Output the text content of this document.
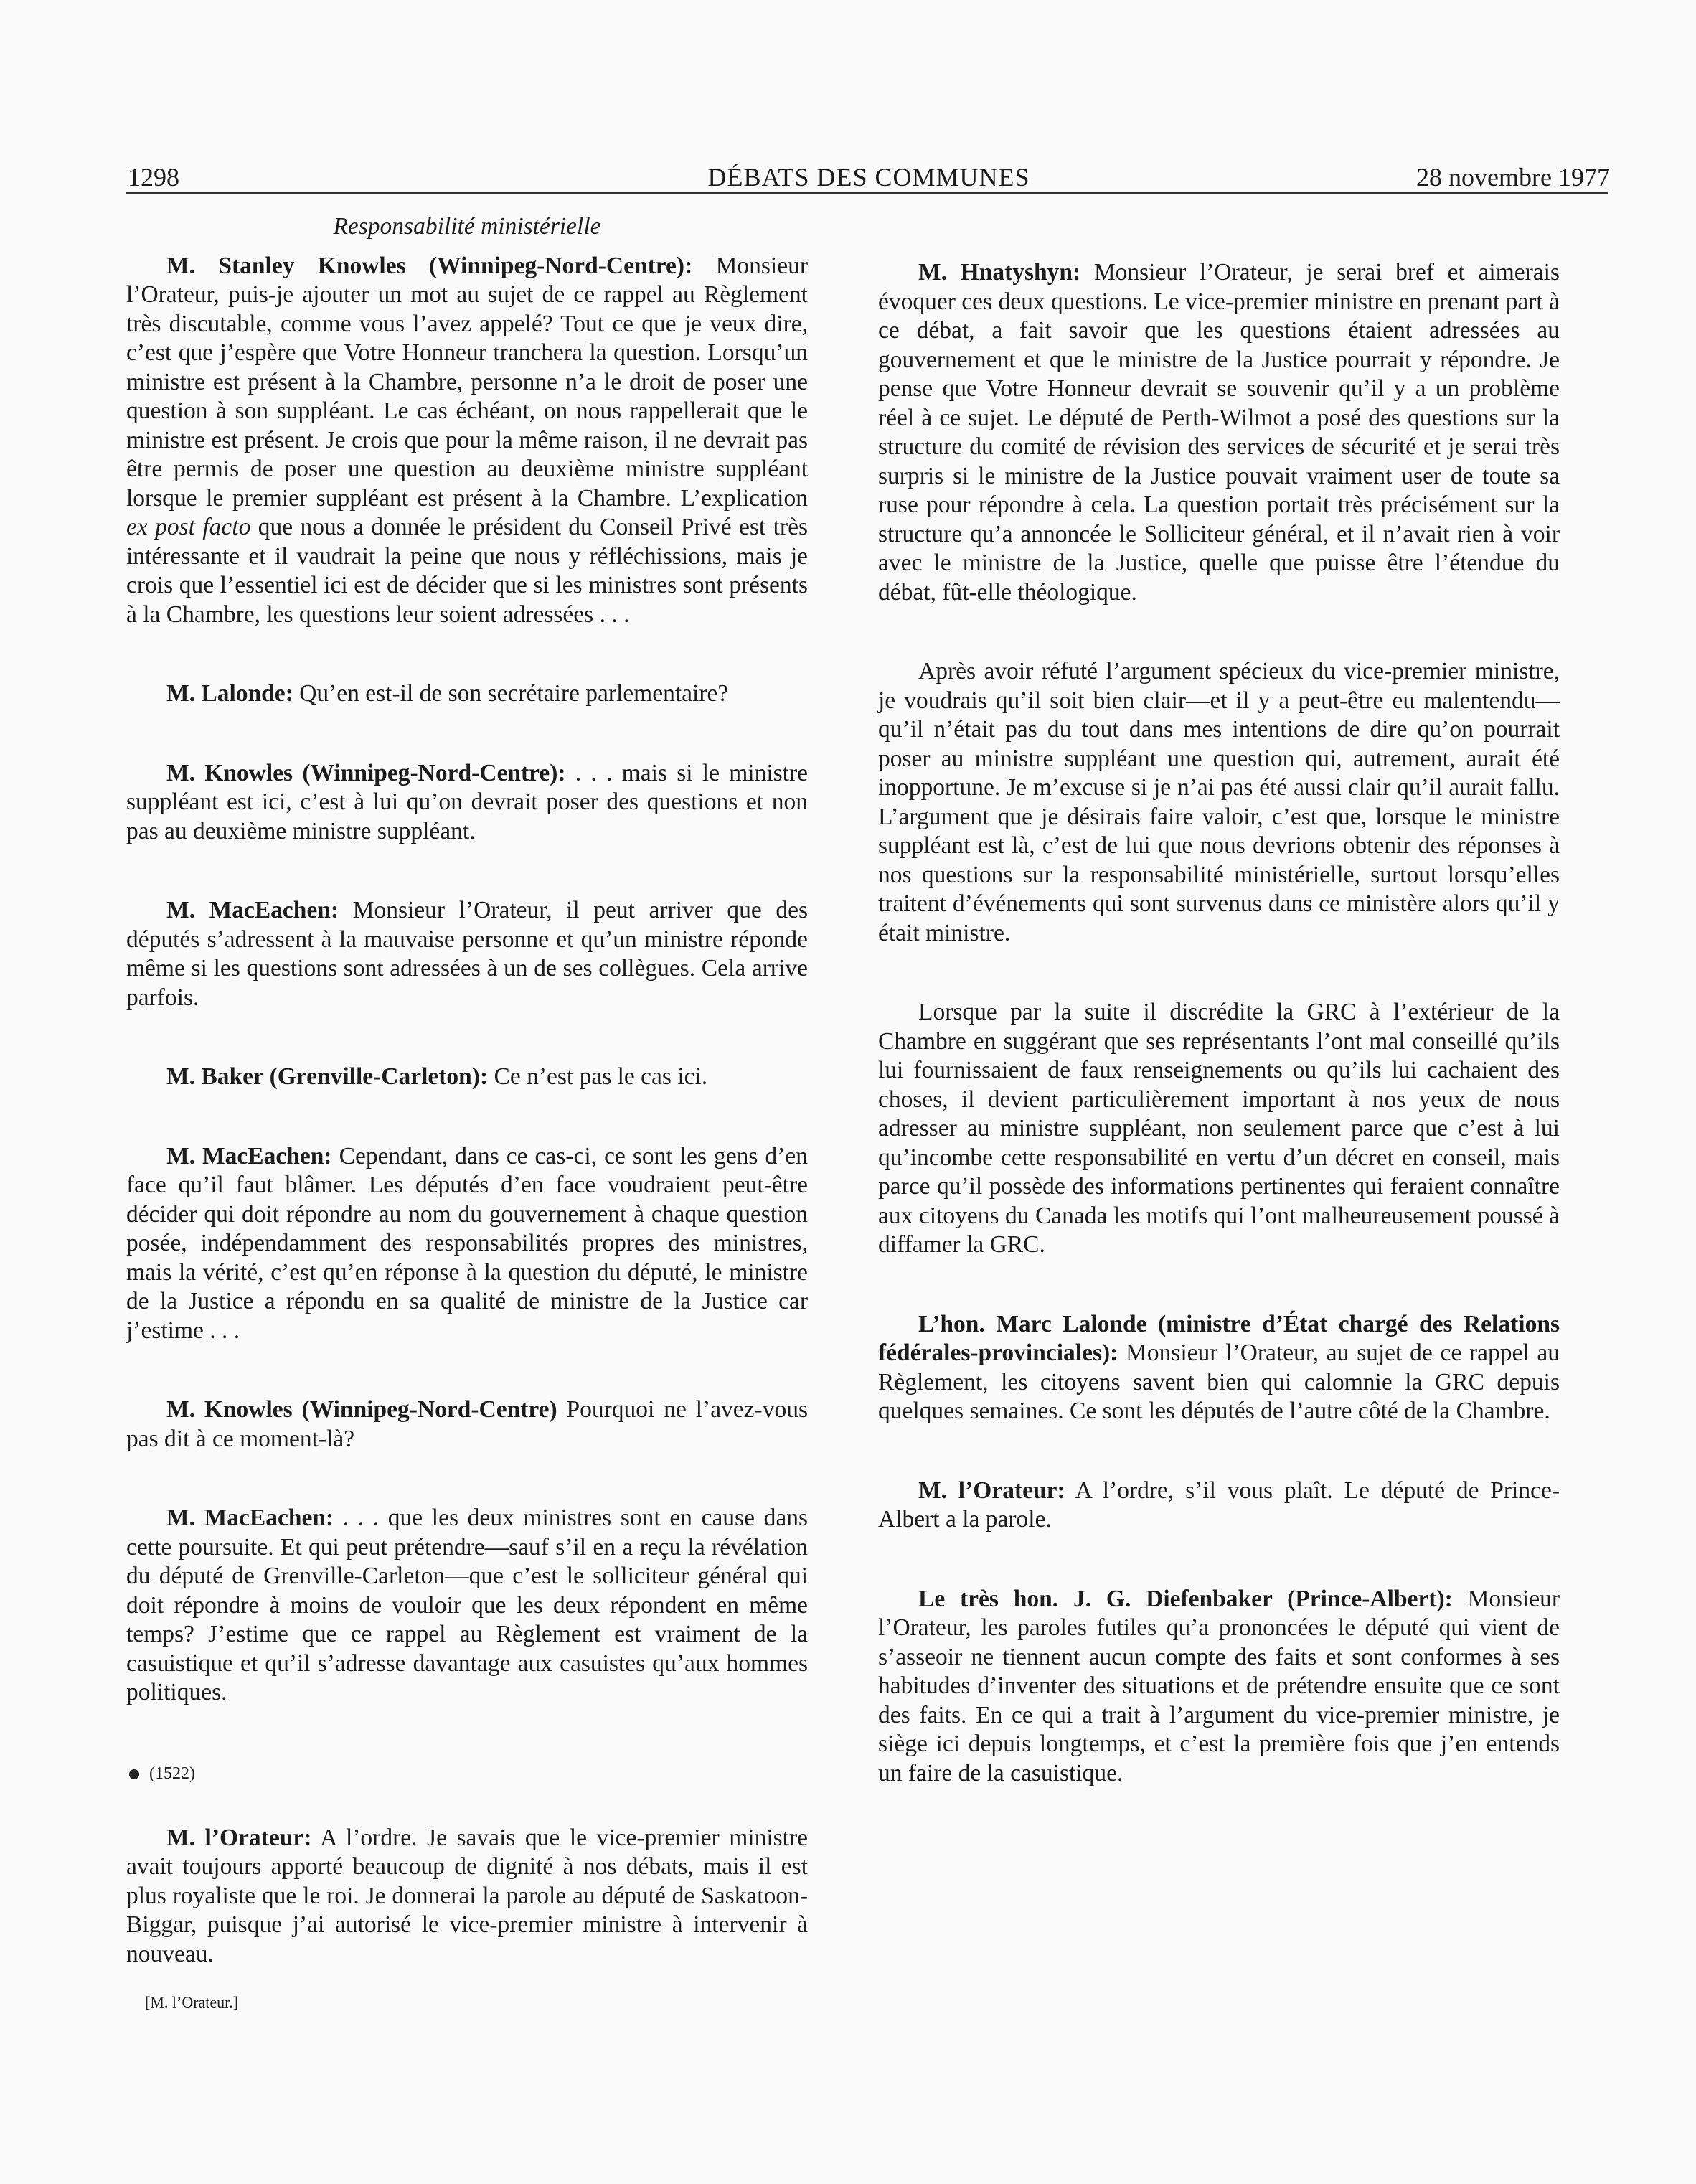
1298	DÉBATS DES COMMUNES	28 novembre 1977
Responsabilité ministérielle

M. Stanley Knowles (Winnipeg-Nord-Centre): Monsieur l’Orateur, puis-je ajouter un mot au sujet de ce rappel au Règlement très discutable, comme vous l’avez appelé? Tout ce que je veux dire, c’est que j’espère que Votre Honneur tranchera la question. Lorsqu’un ministre est présent à la Chambre, personne n’a le droit de poser une question à son suppléant. Le cas échéant, on nous rappellerait que le ministre est présent. Je crois que pour la même raison, il ne devrait pas être permis de poser une question au deuxième ministre suppléant lorsque le premier suppléant est présent à la Chambre. L’explication ex post facto que nous a donnée le président du Conseil Privé est très intéressante et il vaudrait la peine que nous y réfléchissions, mais je crois que l’essentiel ici est de décider que si les ministres sont présents à la Chambre, les questions leur soient adressées . . .

M. Lalonde: Qu’en est-il de son secrétaire parlementaire?

M. Knowles (Winnipeg-Nord-Centre): . . . mais si le ministre suppléant est ici, c’est à lui qu’on devrait poser des questions et non pas au deuxième ministre suppléant.

M. MacEachen: Monsieur l’Orateur, il peut arriver que des députés s’adressent à la mauvaise personne et qu’un ministre réponde même si les questions sont adressées à un de ses collègues. Cela arrive parfois.

M. Baker (Grenville-Carleton): Ce n’est pas le cas ici.

M. MacEachen: Cependant, dans ce cas-ci, ce sont les gens d’en face qu’il faut blâmer. Les députés d’en face voudraient peut-être décider qui doit répondre au nom du gouvernement à chaque question posée, indépendamment des responsabilités propres des ministres, mais la vérité, c’est qu’en réponse à la question du député, le ministre de la Justice a répondu en sa qualité de ministre de la Justice car j’estime . . .

M. Knowles (Winnipeg-Nord-Centre) Pourquoi ne l’avez-vous pas dit à ce moment-là?

M. MacEachen: . . . que les deux ministres sont en cause dans cette poursuite. Et qui peut prétendre—sauf s’il en a reçu la révélation du député de Grenville-Carleton—que c’est le solliciteur général qui doit répondre à moins de vouloir que les deux répondent en même temps? J’estime que ce rappel au Règlement est vraiment de la casuistique et qu’il s’adresse davantage aux casuistes qu’aux hommes politiques.

(1522)

M. l’Orateur: A l’ordre. Je savais que le vice-premier ministre avait toujours apporté beaucoup de dignité à nos débats, mais il est plus royaliste que le roi. Je donnerai la parole au député de Saskatoon-Biggar, puisque j’ai autorisé le vice-premier ministre à intervenir à nouveau.

[M. l’Orateur.]

M. Hnatyshyn: Monsieur l’Orateur, je serai bref et aimerais évoquer ces deux questions. Le vice-premier ministre en prenant part à ce débat, a fait savoir que les questions étaient adressées au gouvernement et que le ministre de la Justice pourrait y répondre. Je pense que Votre Honneur devrait se souvenir qu’il y a un problème réel à ce sujet. Le député de Perth-Wilmot a posé des questions sur la structure du comité de révision des services de sécurité et je serai très surpris si le ministre de la Justice pouvait vraiment user de toute sa ruse pour répondre à cela. La question portait très précisément sur la structure qu’a annoncée le Solliciteur général, et il n’avait rien à voir avec le ministre de la Justice, quelle que puisse être l’étendue du débat, fût-elle théologique.

Après avoir réfuté l’argument spécieux du vice-premier ministre, je voudrais qu’il soit bien clair—et il y a peut-être eu malentendu—qu’il n’était pas du tout dans mes intentions de dire qu’on pourrait poser au ministre suppléant une question qui, autrement, aurait été inopportune. Je m’excuse si je n’ai pas été aussi clair qu’il aurait fallu. L’argument que je désirais faire valoir, c’est que, lorsque le ministre suppléant est là, c’est de lui que nous devrions obtenir des réponses à nos questions sur la responsabilité ministérielle, surtout lorsqu’elles traitent d’événements qui sont survenus dans ce ministère alors qu’il y était ministre.

Lorsque par la suite il discrédite la GRC à l’extérieur de la Chambre en suggérant que ses représentants l’ont mal conseillé qu’ils lui fournissaient de faux renseignements ou qu’ils lui cachaient des choses, il devient particulièrement important à nos yeux de nous adresser au ministre suppléant, non seulement parce que c’est à lui qu’incombe cette responsabilité en vertu d’un décret en conseil, mais parce qu’il possède des informations pertinentes qui feraient connaître aux citoyens du Canada les motifs qui l’ont malheureusement poussé à diffamer la GRC.

L’hon. Marc Lalonde (ministre d’État chargé des Relations fédérales-provinciales): Monsieur l’Orateur, au sujet de ce rappel au Règlement, les citoyens savent bien qui calomnie la GRC depuis quelques semaines. Ce sont les députés de l’autre côté de la Chambre.

M. l’Orateur: A l’ordre, s’il vous plaît. Le député de Prince-Albert a la parole.

Le très hon. J. G. Diefenbaker (Prince-Albert): Monsieur l’Orateur, les paroles futiles qu’a prononcées le député qui vient de s’asseoir ne tiennent aucun compte des faits et sont conformes à ses habitudes d’inventer des situations et de prétendre ensuite que ce sont des faits. En ce qui a trait à l’argument du vice-premier ministre, je siège ici depuis longtemps, et c’est la première fois que j’en entends un faire de la casuistique.
